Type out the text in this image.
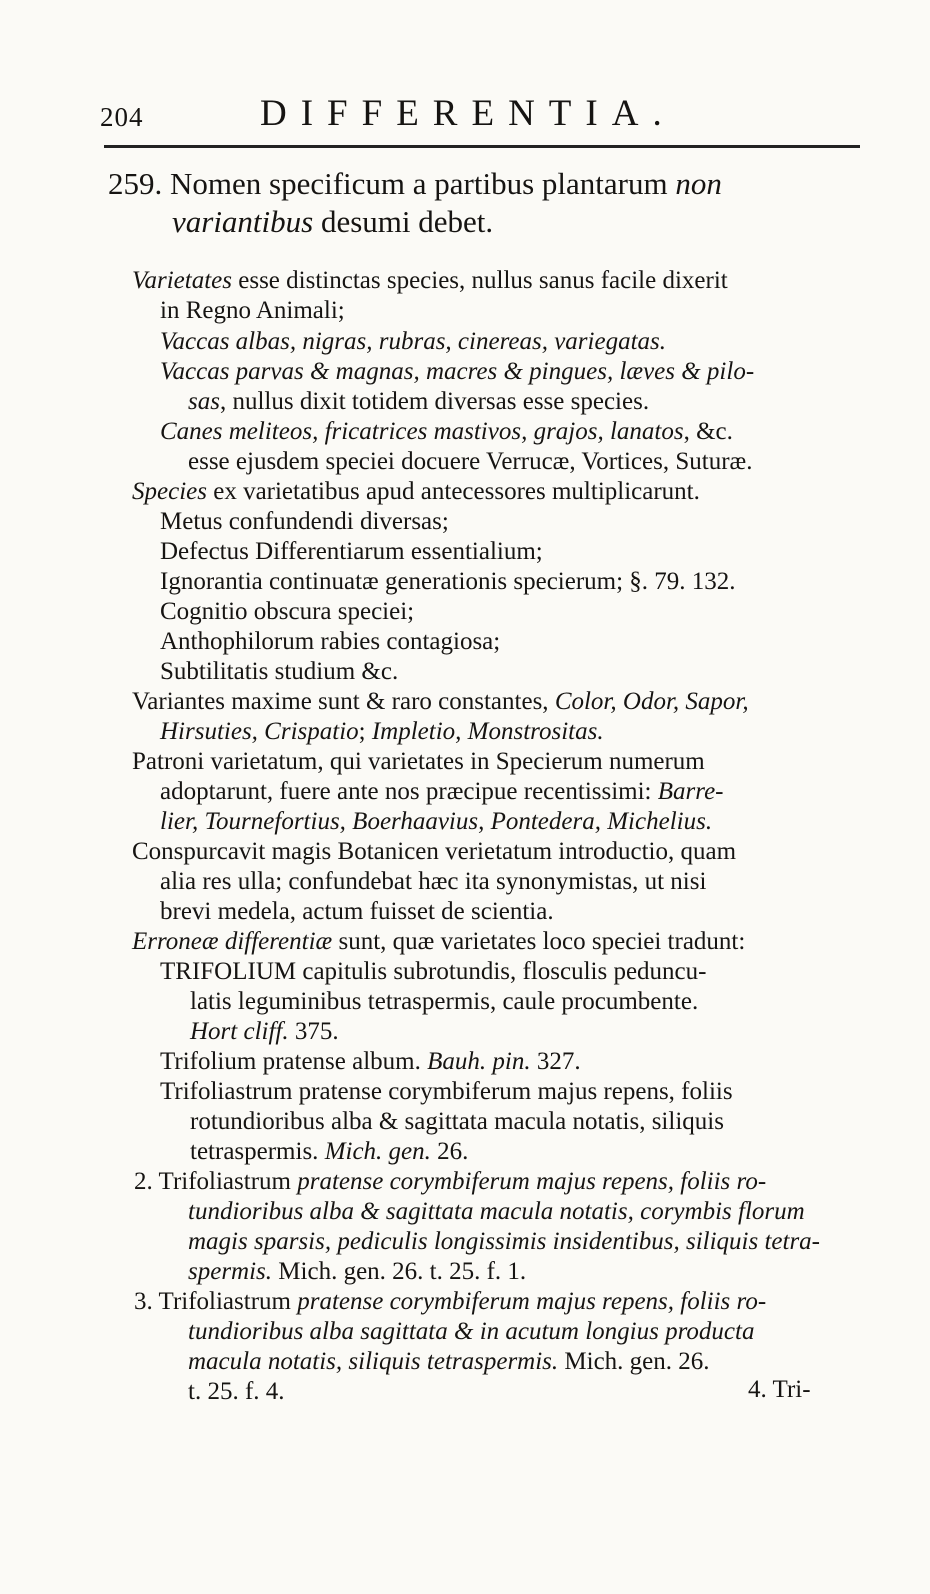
204	DIFFERENTIA.
259. Nomen specificum a partibus plantarum non
variantibus desumi debet.
Varietates esse distinctas species, nullus sanus facile dixerit
in Regno Animali;
Vaccas albas, nigras, rubras, cinereas, variegatas.
Vaccas parvas & magnas, macres & pingues, læves & pilo-
sas, nullus dixit totidem diversas esse species.
Canes meliteos, fricatrices mastivos, grajos, lanatos, &c.
esse ejusdem speciei docuere Verrucæ, Vortices, Suturæ.
Species ex varietatibus apud antecessores multiplicarunt.
Metus confundendi diversas;
Defectus Differentiarum essentialium;
Ignorantia continuatæ generationis specierum; §. 79. 132.
Cognitio obscura speciei;
Anthophilorum rabies contagiosa;
Subtilitatis studium &c.
Variantes maxime sunt & raro constantes, Color, Odor, Sapor,
Hirsuties, Crispatio; Impletio, Monstrositas.
Patroni varietatum, qui varietates in Specierum numerum
adoptarunt, fuere ante nos præcipue recentissimi: Barre-
lier, Tournefortius, Boerhaavius, Pontedera, Michelius.
Conspurcavit magis Botanicen verietatum introductio, quam
alia res ulla; confundebat hæc ita synonymistas, ut nisi
brevi medela, actum fuisset de scientia.
Erroneæ differentiæ sunt, quæ varietates loco speciei tradunt:
TRIFOLIUM capitulis subrotundis, flosculis peduncu-
latis leguminibus tetraspermis, caule procumbente.
Hort cliff. 375.
Trifolium pratense album. Bauh. pin. 327.
Trifoliastrum pratense corymbiferum majus repens, foliis
rotundioribus alba & sagittata macula notatis, siliquis
tetraspermis. Mich. gen. 26.
2. Trifoliastrum pratense corymbiferum majus repens, foliis ro-
tundioribus alba & sagittata macula notatis, corymbis florum
magis sparsis, pediculis longissimis insidentibus, siliquis tetra-
spermis. Mich. gen. 26. t. 25. f. 1.
3. Trifoliastrum pratense corymbiferum majus repens, foliis ro-
tundioribus alba sagittata & in acutum longius producta
macula notatis, siliquis tetraspermis. Mich. gen. 26.
t. 25. f. 4.	4. Tri-
